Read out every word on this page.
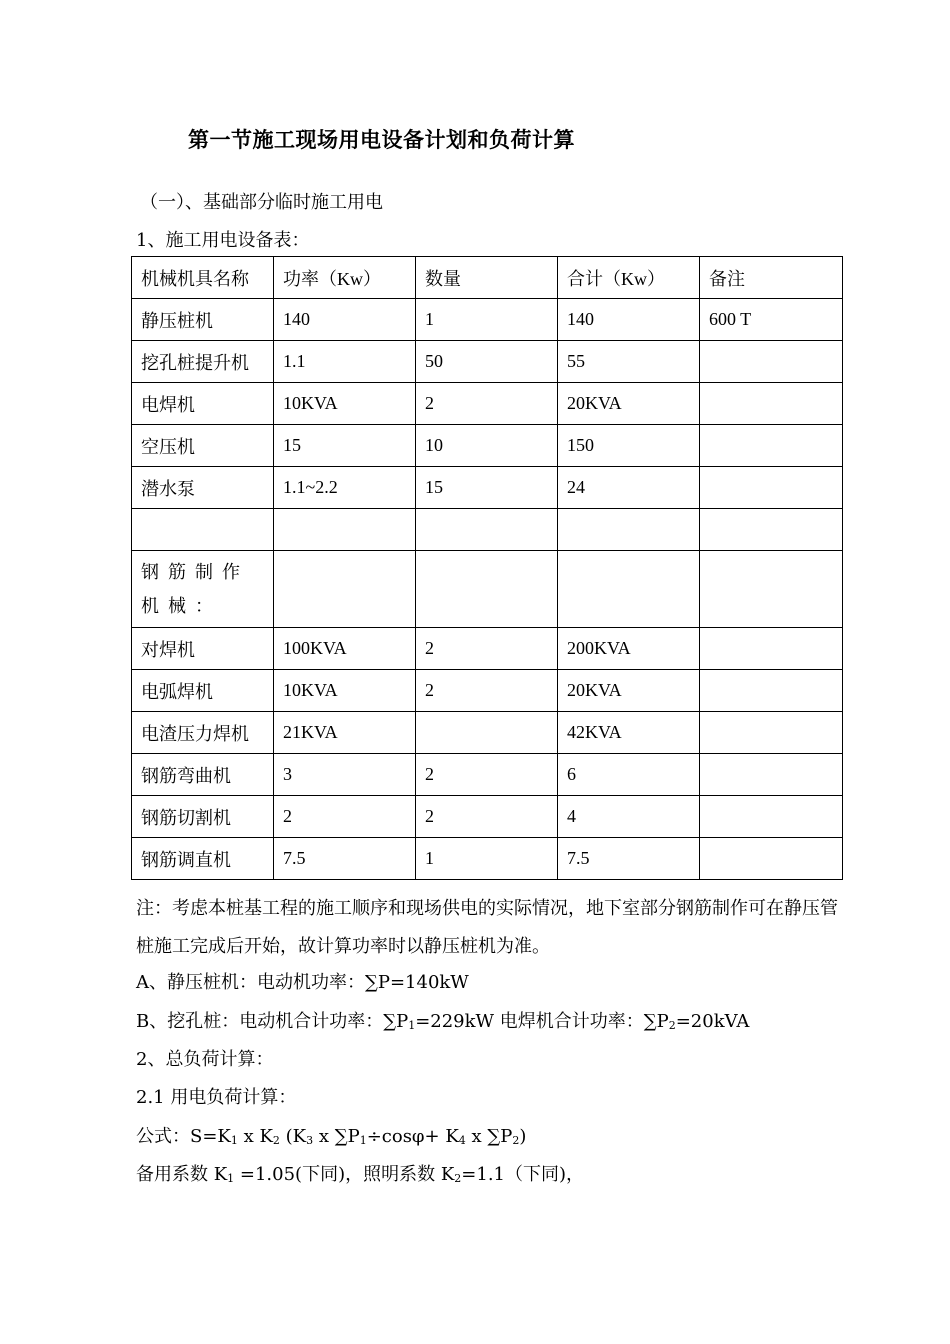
第一节施工现场用电设备计划和负荷计算
（一）、基础部分临时施工用电
1、施工用电设备表：
机械机具名称	功率（Kw）	数量	合计（Kw）	备注
静压桩机	140	1	140	600 T
挖孔桩提升机	1.1	50	55	
电焊机	10KVA	2	20KVA	
空压机	15	10	150	
潜水泵	1.1~2.2	15	24	

钢筋制作机械：				
对焊机	100KVA	2	200KVA	
电弧焊机	10KVA	2	20KVA	
电渣压力焊机	21KVA		42KVA	
钢筋弯曲机	3	2	6	
钢筋切割机	2	2	4	
钢筋调直机	7.5	1	7.5	
注：考虑本桩基工程的施工顺序和现场供电的实际情况，地下室部分钢筋制作可在静压管桩施工完成后开始，故计算功率时以静压桩机为准。
A、静压桩机：电动机功率：∑P=140kW
B、挖孔桩：电动机合计功率：$\sum P_1=229kW$ 电焊机合计功率：$\sum P_2=20kVA$
2、总负荷计算：
2.1 用电负荷计算：
公式：$S=K_1$ x $K_2$ ($K_3$ x $\sum P_1\div\cos\varphi+ K_4$ x $\sum P_2$)
备用系数 $K_1 =1.05$(下同)，照明系数 $K_2=1.1$（下同)，
